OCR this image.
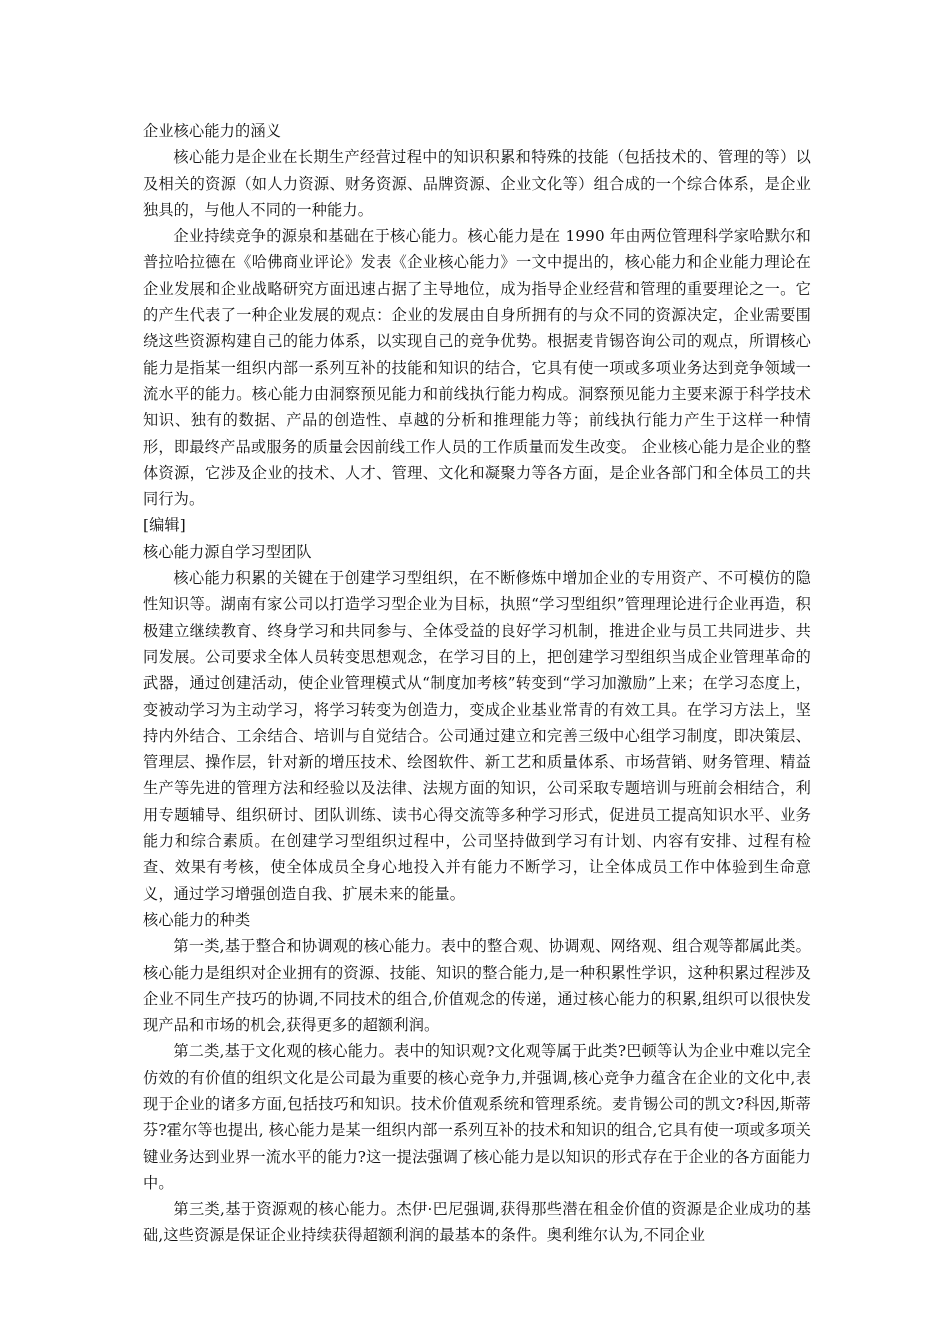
企业核心能力的涵义

核心能力是企业在长期生产经营过程中的知识积累和特殊的技能（包括技术的、管理的等）以及相关的资源（如人力资源、财务资源、品牌资源、企业文化等）组合成的一个综合体系，是企业独具的，与他人不同的一种能力。

企业持续竞争的源泉和基础在于核心能力。核心能力是在 1990 年由两位管理科学家哈默尔和普拉哈拉德在《哈佛商业评论》发表《企业核心能力》一文中提出的，核心能力和企业能力理论在企业发展和企业战略研究方面迅速占据了主导地位，成为指导企业经营和管理的重要理论之一。它的产生代表了一种企业发展的观点：企业的发展由自身所拥有的与众不同的资源决定，企业需要围绕这些资源构建自己的能力体系，以实现自己的竞争优势。根据麦肯锡咨询公司的观点，所谓核心能力是指某一组织内部一系列互补的技能和知识的结合，它具有使一项或多项业务达到竞争领域一流水平的能力。核心能力由洞察预见能力和前线执行能力构成。洞察预见能力主要来源于科学技术知识、独有的数据、产品的创造性、卓越的分析和推理能力等；前线执行能力产生于这样一种情形，即最终产品或服务的质量会因前线工作人员的工作质量而发生改变。 企业核心能力是企业的整体资源，它涉及企业的技术、人才、管理、文化和凝聚力等各方面，是企业各部门和全体员工的共同行为。

[编辑]

核心能力源自学习型团队

核心能力积累的关键在于创建学习型组织，在不断修炼中增加企业的专用资产、不可模仿的隐性知识等。湖南有家公司以打造学习型企业为目标，执照“学习型组织”管理理论进行企业再造，积极建立继续教育、终身学习和共同参与、全体受益的良好学习机制，推进企业与员工共同进步、共同发展。公司要求全体人员转变思想观念，在学习目的上，把创建学习型组织当成企业管理革命的武器，通过创建活动，使企业管理模式从“制度加考核”转变到“学习加激励”上来；在学习态度上，变被动学习为主动学习，将学习转变为创造力，变成企业基业常青的有效工具。在学习方法上，坚持内外结合、工余结合、培训与自觉结合。公司通过建立和完善三级中心组学习制度，即决策层、管理层、操作层，针对新的增压技术、绘图软件、新工艺和质量体系、市场营销、财务管理、精益生产等先进的管理方法和经验以及法律、法规方面的知识，公司采取专题培训与班前会相结合，利用专题辅导、组织研讨、团队训练、读书心得交流等多种学习形式，促进员工提高知识水平、业务能力和综合素质。在创建学习型组织过程中，公司坚持做到学习有计划、内容有安排、过程有检查、效果有考核，使全体成员全身心地投入并有能力不断学习，让全体成员工作中体验到生命意义，通过学习增强创造自我、扩展未来的能量。

核心能力的种类

第一类,基于整合和协调观的核心能力。表中的整合观、协调观、网络观、组合观等都属此类。核心能力是组织对企业拥有的资源、技能、知识的整合能力,是一种积累性学识，这种积累过程涉及企业不同生产技巧的协调,不同技术的组合,价值观念的传递，通过核心能力的积累,组织可以很快发现产品和市场的机会,获得更多的超额利润。

第二类,基于文化观的核心能力。表中的知识观?文化观等属于此类?巴顿等认为企业中难以完全仿效的有价值的组织文化是公司最为重要的核心竞争力,并强调,核心竞争力蕴含在企业的文化中,表现于企业的诸多方面,包括技巧和知识。技术价值观系统和管理系统。麦肯锡公司的凯文?科因,斯蒂芬?霍尔等也提出, 核心能力是某一组织内部一系列互补的技术和知识的组合,它具有使一项或多项关键业务达到业界一流水平的能力?这一提法强调了核心能力是以知识的形式存在于企业的各方面能力中。

第三类,基于资源观的核心能力。杰伊·巴尼强调,获得那些潜在租金价值的资源是企业成功的基础,这些资源是保证企业持续获得超额利润的最基本的条件。奥利维尔认为,不同企业
